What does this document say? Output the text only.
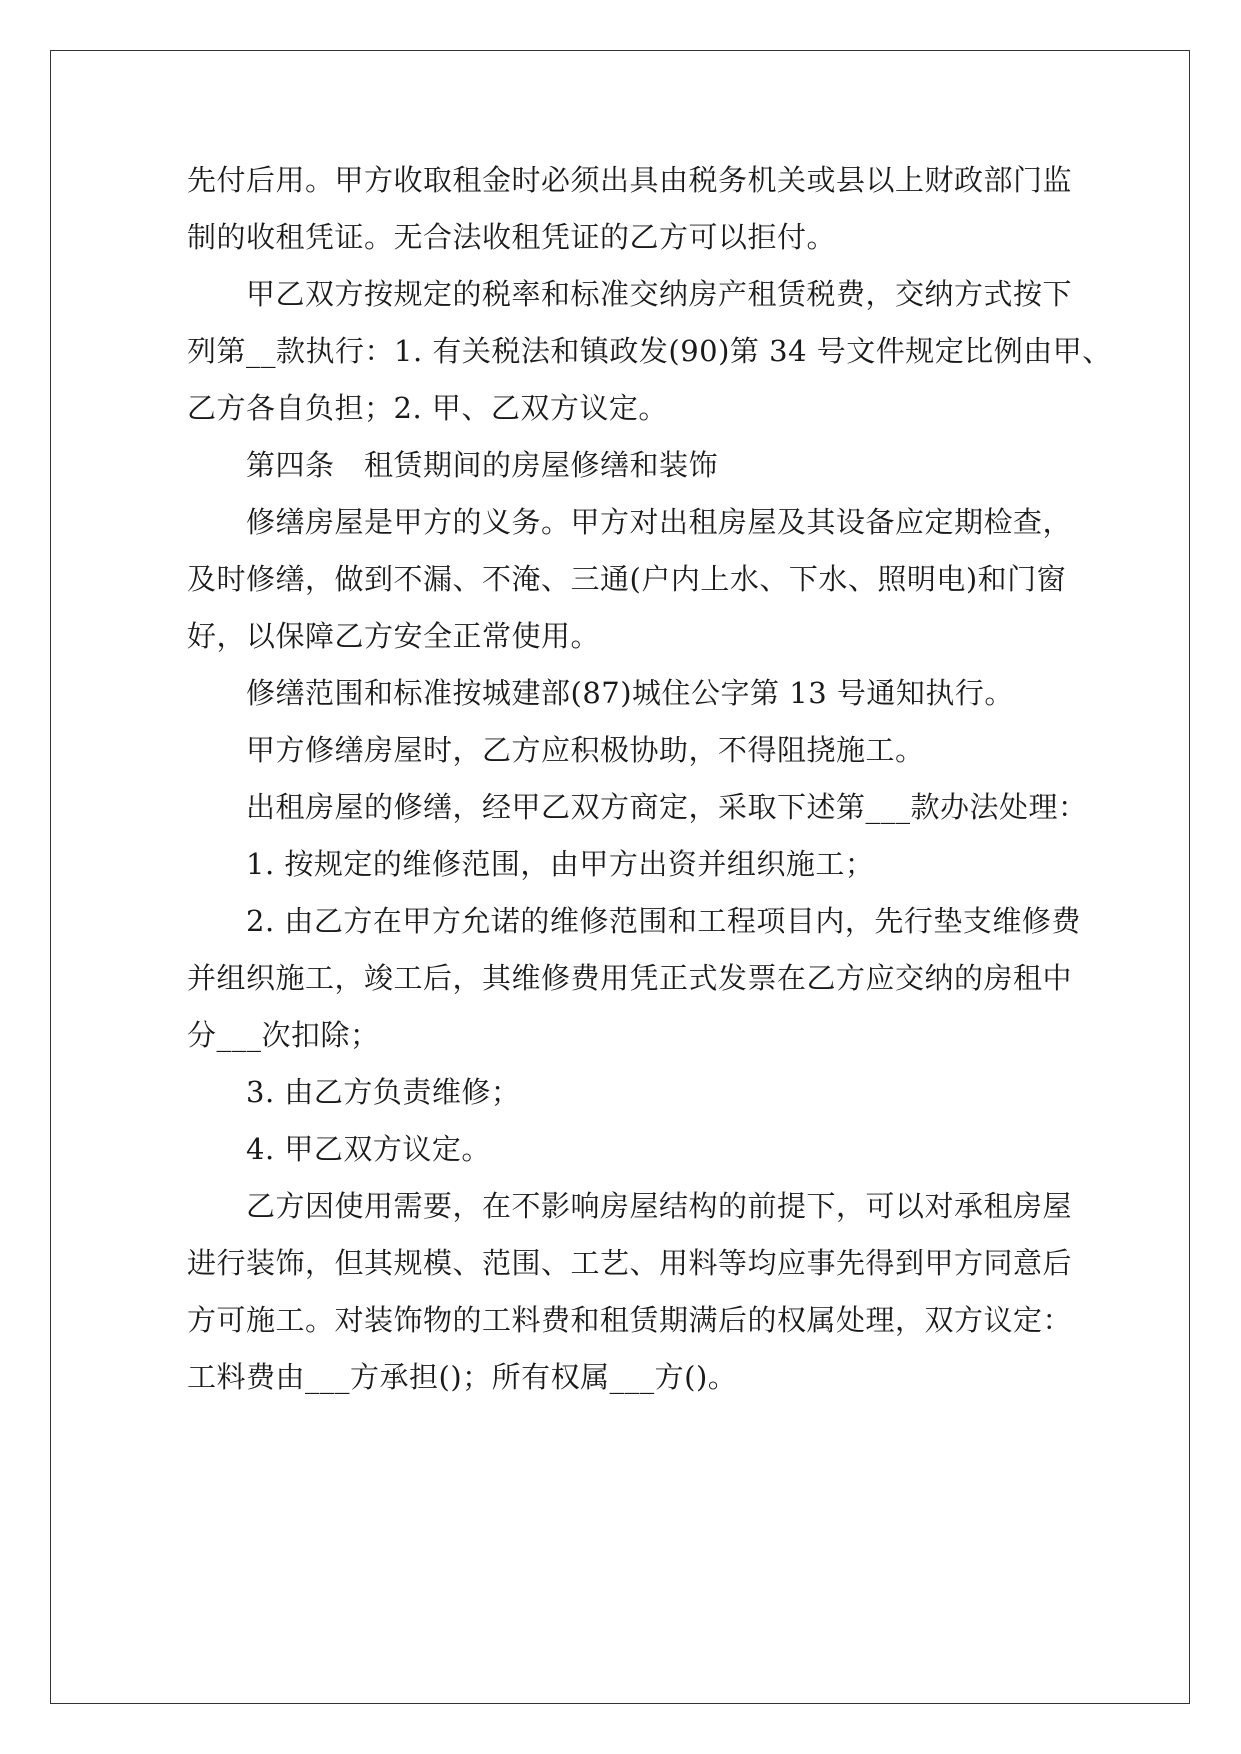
先付后用。甲方收取租金时必须出具由税务机关或县以上财政部门监
制的收租凭证。无合法收租凭证的乙方可以拒付。
甲乙双方按规定的税率和标准交纳房产租赁税费，交纳方式按下
列第__款执行：1. 有关税法和镇政发(90)第 34 号文件规定比例由甲、
乙方各自负担；2. 甲、乙双方议定。
第四条　租赁期间的房屋修缮和装饰
修缮房屋是甲方的义务。甲方对出租房屋及其设备应定期检查，
及时修缮，做到不漏、不淹、三通(户内上水、下水、照明电)和门窗
好，以保障乙方安全正常使用。
修缮范围和标准按城建部(87)城住公字第 13 号通知执行。
甲方修缮房屋时，乙方应积极协助，不得阻挠施工。
出租房屋的修缮，经甲乙双方商定，采取下述第___款办法处理：
1. 按规定的维修范围，由甲方出资并组织施工；
2. 由乙方在甲方允诺的维修范围和工程项目内，先行垫支维修费
并组织施工，竣工后，其维修费用凭正式发票在乙方应交纳的房租中
分___次扣除；
3. 由乙方负责维修；
4. 甲乙双方议定。
乙方因使用需要，在不影响房屋结构的前提下，可以对承租房屋
进行装饰，但其规模、范围、工艺、用料等均应事先得到甲方同意后
方可施工。对装饰物的工料费和租赁期满后的权属处理，双方议定：
工料费由___方承担()；所有权属___方()。
